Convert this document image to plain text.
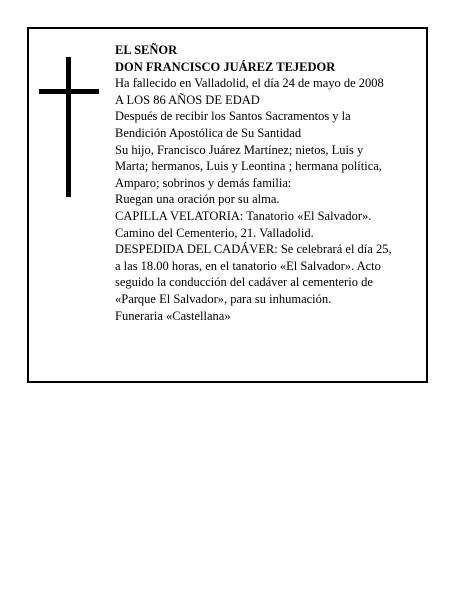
EL SEÑOR
DON FRANCISCO JUÁREZ TEJEDOR
Ha fallecido en Valladolid, el día 24 de mayo de 2008
A LOS 86 AÑOS DE EDAD
Después de recibir los Santos Sacramentos y la
Bendición Apostólica de Su Santidad
Su hijo, Francisco Juárez Martínez; nietos, Luis y
Marta; hermanos, Luis y Leontina ; hermana política,
Amparo; sobrinos y demás familia:
Ruegan una oración por su alma.
CAPILLA VELATORIA: Tanatorio «El Salvador».
Camino del Cementerio, 21. Valladolid.
DESPEDIDA DEL CADÁVER: Se celebrará el día 25,
a las 18.00 horas, en el tanatorio «El Salvador». Acto
seguido la conducción del cadáver al cementerio de
«Parque El Salvador», para su inhumación.
Funeraria «Castellana»
